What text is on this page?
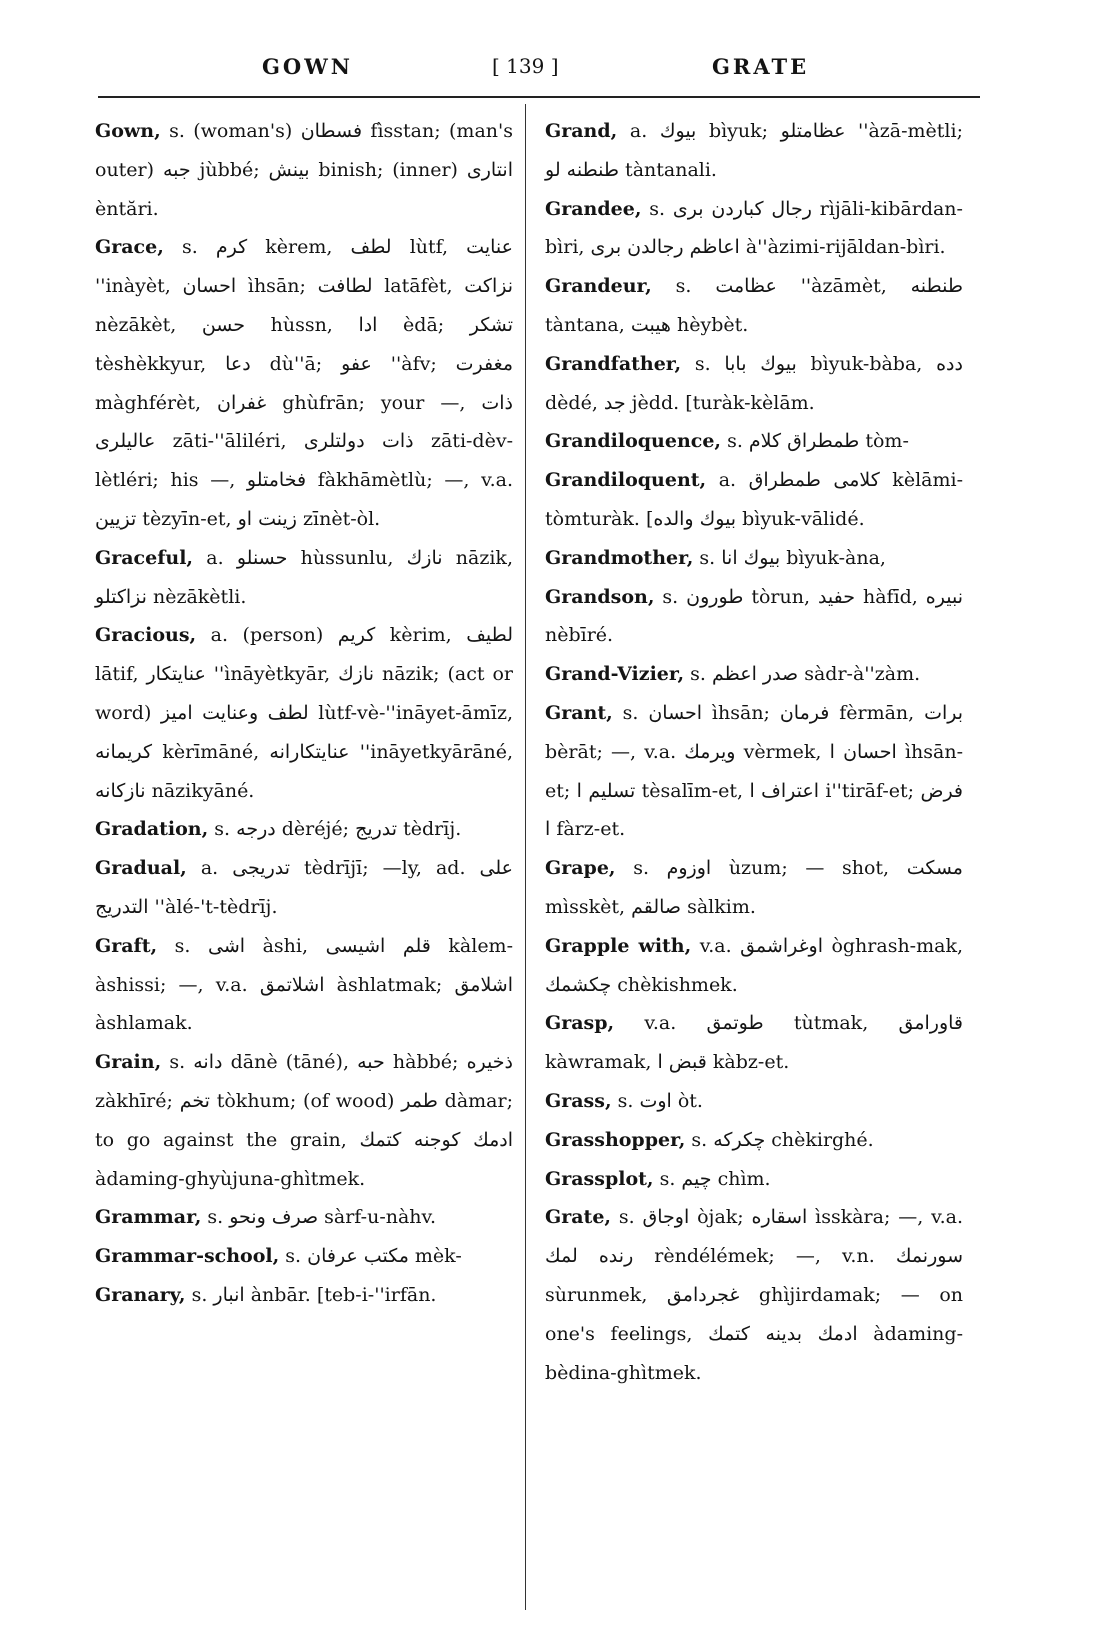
GOWN	[ 139 ]	GRATE
Gown, s. (woman's) فسطان fìsstan; (man's outer) جبه jùbbé; بينش binish; (inner) انتارى èntări.
Grace, s. كرم kèrem, لطف lùtf, عنايت ''inàyèt, احسان ìhsān; لطافت latāfèt, نزاكت nèzākèt, حسن hùssn, ادا èdā; تشكر tèshèkkyur, دعا dù''ā; عفو ''àfv; مغفرت màghférèt, غفران ghùfrān; your —, ذات عاليلرى zāti-''āliléri, ذات دولتلرى zāti-dèv-lètléri; his —, فخامتلو fàkhāmètlù; —, v.a. تزيين tèzyīn-et, زينت او zīnèt-òl.
Graceful, a. حسنلو hùssunlu, نازك nāzik, نزاكتلو nèzākètli.
Gracious, a. (person) كريم kèrim, لطيف lātif, عنايتكار ''ìnāyètkyār, نازك nāzik; (act or word) لطف وعنايت اميز lùtf-vè-''ināyet-āmīz, كريمانه kèrīmāné, عنايتكارانه ''ināyetkyārāné, نازكانه nāzikyāné.
Gradation, s. درجه dèréjé; تدريج tèdrīj.
Gradual, a. تدريجى tèdrījī; —ly, ad. على التدريج ''àlé-'t-tèdrīj.
Graft, s. اشى àshi, قلم اشيسى kàlem-àshissi; —, v.a. اشلاتمق àshlatmak; اشلامق àshlamak.
Grain, s. دانه dānè (tāné), حبه hàbbé; ذخيره zàkhīré; تخم tòkhum; (of wood) طمر dàmar; to go against the grain, ادمك كوجنه كتمك àdaming-ghyùjuna-ghìtmek.
Grammar, s. صرف ونحو sàrf-u-nàhv.
Grammar-school, s. مكتب عرفان mèk-
Granary, s. انبار ànbār. [teb-i-''irfān.
Grand, a. بيوك bìyuk; عظامتلو ''àzā-mètli; طنطنه لو tàntanali.
Grandee, s. رجال كباردن برى rìjāli-kibārdan-bìri, اعاظم رجالدن برى à''àzimi-rijāldan-bìri.
Grandeur, s. عظامت ''àzāmèt, طنطنه tàntana, هيبت hèybèt.
Grandfather, s. بيوك بابا bìyuk-bàba, دده dèdé, جد jèdd. [turàk-kèlām.
Grandiloquence, s. طمطراق كلام tòm-
Grandiloquent, a. كلامى طمطراق kèlāmi-tòmturàk. [بيوك والده bìyuk-vālidé.
Grandmother, s. بيوك انا bìyuk-àna,
Grandson, s. طورون tòrun, حفيد hàfīd, نبيره nèbīré.
Grand-Vizier, s. صدر اعظم sàdr-à''zàm.
Grant, s. احسان ìhsān; فرمان fèrmān, برات bèrāt; —, v.a. ويرمك vèrmek, احسان ا ìhsān-et; تسليم ا tèsalīm-et, اعتراف ا i''tirāf-et; فرض ا fàrz-et.
Grape, s. اوزوم ùzum; — shot, مسكت mìsskèt, صالقم sàlkim.
Grapple with, v.a. اوغراشمق òghrash-mak, چكشمك chèkishmek.
Grasp, v.a. طوتمق tùtmak, قاورامق kàwramak, قبض ا kàbz-et.
Grass, s. اوت òt.
Grasshopper, s. چكركه chèkirghé.
Grassplot, s. چيم chìm.
Grate, s. اوجاق òjak; اسقاره ìsskàra; —, v.a. رنده لمك rèndélémek; —, v.n. سورنمك sùrunmek, غجردامق ghìjirdamak; — on one's feelings, ادمك بدينه كتمك àdaming-bèdina-ghìtmek.
